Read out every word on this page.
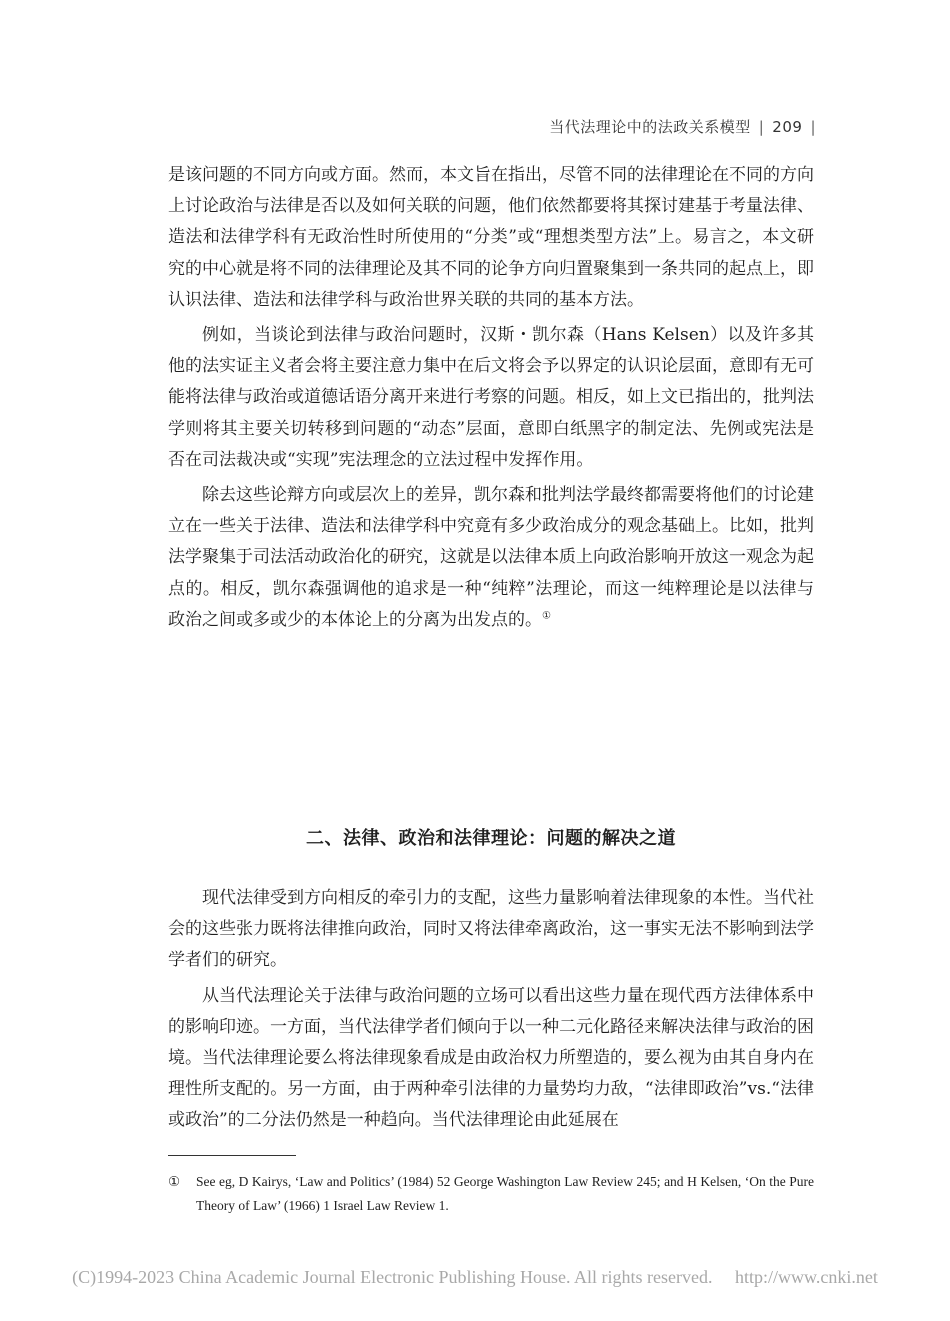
当代法理论中的法政关系模型 | 209 |

是该问题的不同方向或方面。然而，本文旨在指出，尽管不同的法律理论在不同的方向上讨论政治与法律是否以及如何关联的问题，他们依然都要将其探讨建基于考量法律、造法和法律学科有无政治性时所使用的“分类”或“理想类型方法”上。易言之，本文研究的中心就是将不同的法律理论及其不同的论争方向归置聚集到一条共同的起点上，即认识法律、造法和法律学科与政治世界关联的共同的基本方法。

例如，当谈论到法律与政治问题时，汉斯・凯尔森（Hans Kelsen）以及许多其他的法实证主义者会将主要注意力集中在后文将会予以界定的认识论层面，意即有无可能将法律与政治或道德话语分离开来进行考察的问题。相反，如上文已指出的，批判法学则将其主要关切转移到问题的“动态”层面，意即白纸黑字的制定法、先例或宪法是否在司法裁决或“实现”宪法理念的立法过程中发挥作用。

除去这些论辩方向或层次上的差异，凯尔森和批判法学最终都需要将他们的讨论建立在一些关于法律、造法和法律学科中究竟有多少政治成分的观念基础上。比如，批判法学聚集于司法活动政治化的研究，这就是以法律本质上向政治影响开放这一观念为起点的。相反，凯尔森强调他的追求是一种“纯粹”法理论，而这一纯粹理论是以法律与政治之间或多或少的本体论上的分离为出发点的。①

二、法律、政治和法律理论：问题的解决之道

现代法律受到方向相反的牵引力的支配，这些力量影响着法律现象的本性。当代社会的这些张力既将法律推向政治，同时又将法律牵离政治，这一事实无法不影响到法学学者们的研究。

从当代法理论关于法律与政治问题的立场可以看出这些力量在现代西方法律体系中的影响印迹。一方面，当代法律学者们倾向于以一种二元化路径来解决法律与政治的困境。当代法律理论要么将法律现象看成是由政治权力所塑造的，要么视为由其自身内在理性所支配的。另一方面，由于两种牵引法律的力量势均力敌，“法律即政治”vs.“法律或政治”的二分法仍然是一种趋向。当代法律理论由此延展在

①	See eg, D Kairys, ‘Law and Politics’ (1984) 52 George Washington Law Review 245; and H Kelsen, ‘On the Pure Theory of Law’ (1966) 1 Israel Law Review 1.
(C)1994-2023 China Academic Journal Electronic Publishing House. All rights reserved. http://www.cnki.net
